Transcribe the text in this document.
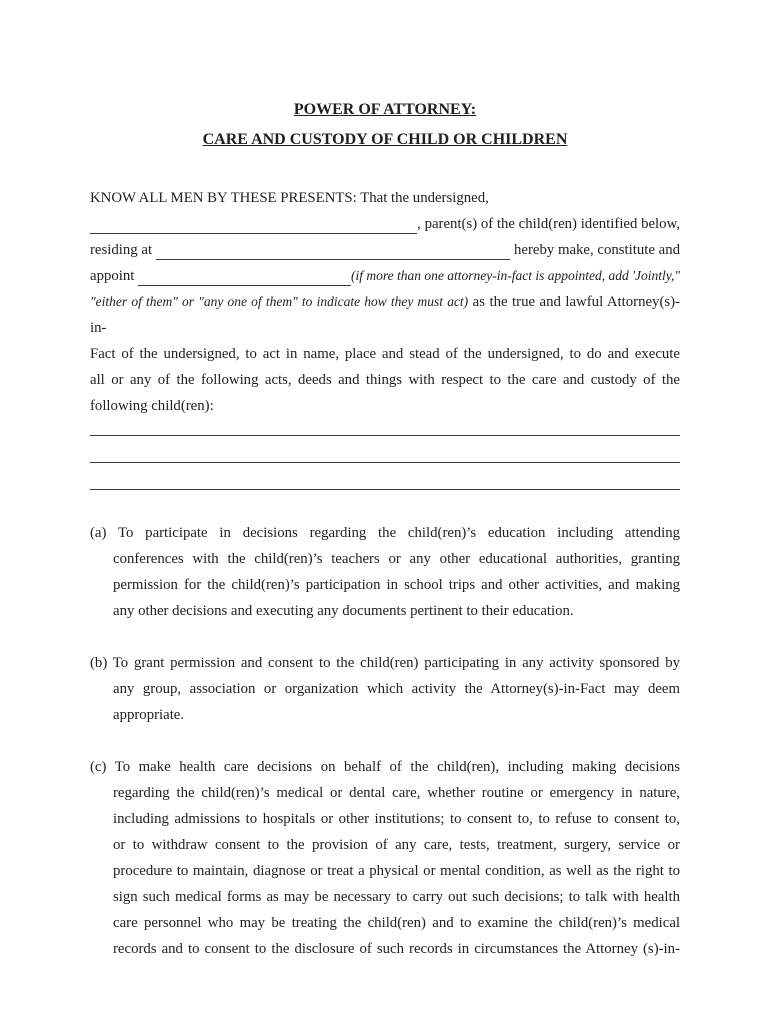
POWER OF ATTORNEY:
CARE AND CUSTODY OF CHILD OR CHILDREN
KNOW ALL MEN BY THESE PRESENTS: That the undersigned,
, parent(s) of the child(ren) identified below,
residing at	hereby make, constitute and
appoint	(if more than one attorney-in-fact is appointed, add 'Jointly,"
"either of them" or "any one of them" to indicate how they must act) as the true and lawful Attorney(s)-in-
Fact of the undersigned, to act in name, place and stead of the undersigned, to do and execute
all or any of the following acts, deeds and things with respect to the care and custody of the
following child(ren):
(a) To participate in decisions regarding the child(ren)’s education including attending
conferences with the child(ren)’s teachers or any other educational authorities, granting
permission for the child(ren)’s participation in school trips and other activities, and making
any other decisions and executing any documents pertinent to their education.
(b) To grant permission and consent to the child(ren) participating in any activity sponsored by
any group, association or organization which activity the Attorney(s)-in-Fact may deem
appropriate.
(c) To make health care decisions on behalf of the child(ren), including making decisions
regarding the child(ren)’s medical or dental care, whether routine or emergency in nature,
including admissions to hospitals or other institutions; to consent to, to refuse to consent to,
or to withdraw consent to the provision of any care, tests, treatment, surgery, service or
procedure to maintain, diagnose or treat a physical or mental condition, as well as the right to
sign such medical forms as may be necessary to carry out such decisions; to talk with health
care personnel who may be treating the child(ren) and to examine the child(ren)’s medical
records and to consent to the disclosure of such records in circumstances the Attorney (s)-in-
